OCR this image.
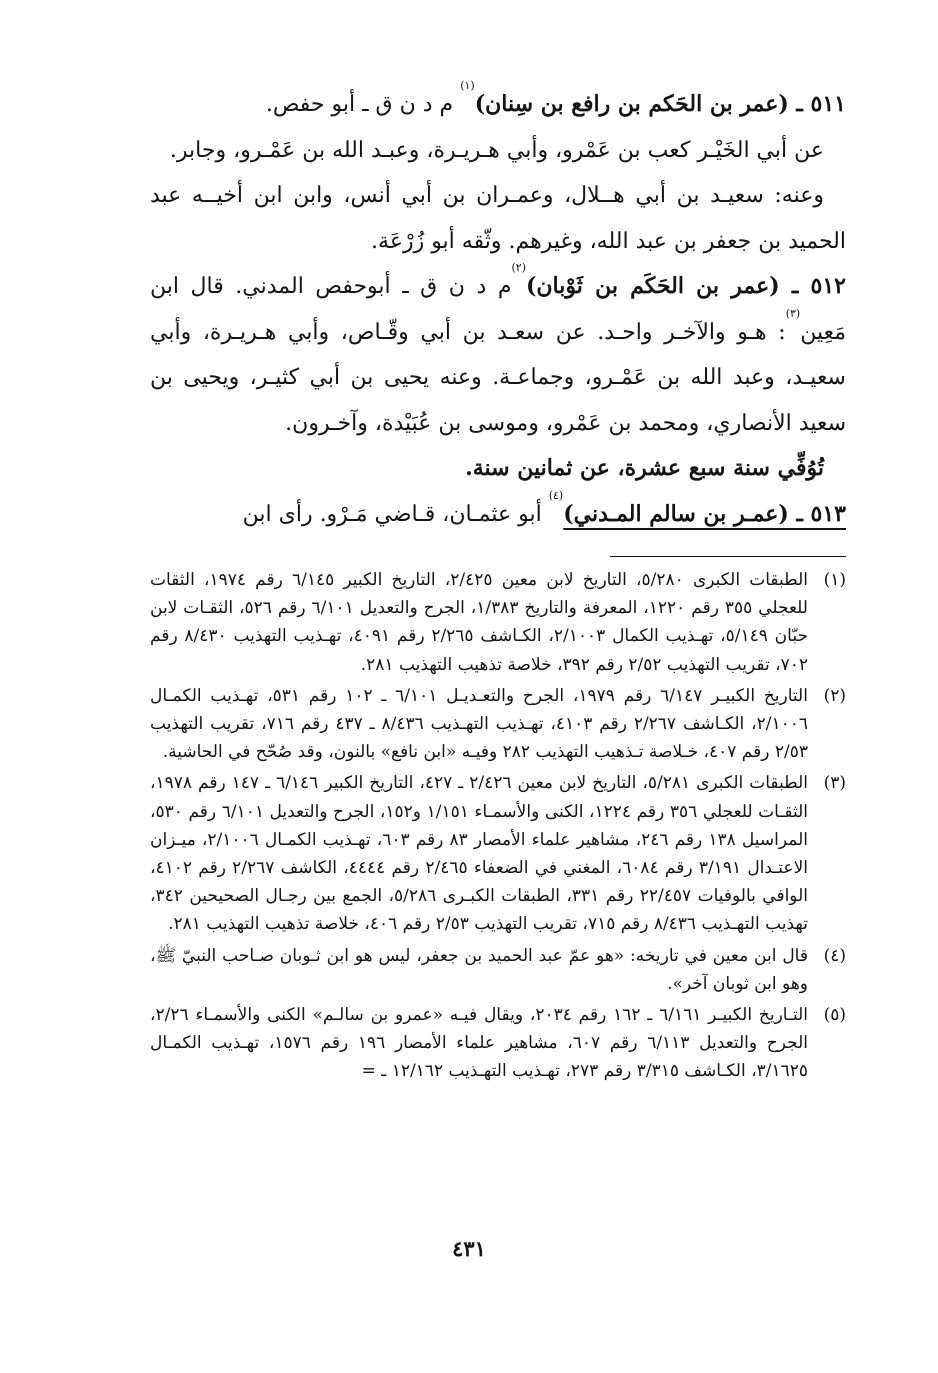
٥١١ ـ (عمر بن الحَكم بن رافع بن سِنان)$^{(١)}$ م د ن ق ـ أبو حفص.

عن أبي الخَيْـر كعب بن عَمْرو، وأبي هـريـرة، وعبـد الله بن عَمْـرو، وجابر.

وعنه: سعيـد بن أبي هــلال، وعمـران بن أبي أنس، وابن ابن أخيــه عبد الحميد بن جعفر بن عبد الله، وغيرهم. وثّقه أبو زُرْعَة.

٥١٢ ـ (عمر بن الحَكَم بن ثَوْبان)$^{(٢)}$م د ن ق ـ أبوحفص المدني. قال ابن مَعِين$^{(٣)}$: هـو والآخـر واحـد. عن سعـد بن أبي وقّـاص، وأبي هـريـرة، وأبي سعيـد، وعبد الله بن عَمْـرو، وجماعـة. وعنه يحيى بن أبي كثيـر، ويحيى بن سعيد الأنصاري، ومحمد بن عَمْرو، وموسى بن عُبَيْدة، وآخـرون.

تُوُفِّي سنة سبع عشرة، عن ثمانين سنة.

٥١٣ ـ (عمـر بن سالم المـدني)$^{(٤)}$ أبو عثمـان، قـاضي مَـرْو. رأى ابن

(١)
الطبقات الكبرى ٥/٢٨٠، التاريخ لابن معين ٢/٤٢٥، التاريخ الكبير ٦/١٤٥ رقم ١٩٧٤، الثقات للعجلي ٣٥٥ رقم ١٢٢٠، المعرفة والتاريخ ١/٣٨٣، الجرح والتعديل ٦/١٠١ رقم ٥٢٦، الثقـات لابن حبّان ٥/١٤٩، تهـذيب الكمال ٢/١٠٠٣، الكـاشف ٢/٢٦٥ رقم ٤٠٩١، تهـذيب التهذيب ٨/٤٣٠ رقم ٧٠٢، تقريب التهذيب ٢/٥٢ رقم ٣٩٢، خلاصة تذهيب التهذيب ٢٨١.
(٢)
التاريخ الكبيـر ٦/١٤٧ رقم ١٩٧٩، الجرح والتعـديـل ٦/١٠١ ـ ١٠٢ رقم ٥٣١، تهـذيب الكمـال ٢/١٠٠٦، الكـاشف ٢/٢٦٧ رقم ٤١٠٣، تهـذيب التهـذيب ٨/٤٣٦ ـ ٤٣٧ رقم ٧١٦، تقريب التهذيب ٢/٥٣ رقم ٤٠٧، خـلاصة تـذهيب التهذيب ٢٨٢ وفيـه «ابن نافع» بالنون، وقد صُحّح في الحاشية.
(٣)
الطبقات الكبرى ٥/٢٨١، التاريخ لابن معين ٢/٤٢٦ ـ ٤٢٧، التاريخ الكبير ٦/١٤٦ ـ ١٤٧ رقم ١٩٧٨، الثقـات للعجلي ٣٥٦ رقم ١٢٢٤، الكنى والأسمـاء ١/١٥١ و١٥٢، الجرح والتعديل ٦/١٠١ رقم ٥٣٠، المراسيل ١٣٨ رقم ٢٤٦، مشاهير علماء الأمصار ٨٣ رقم ٦٠٣، تهـذيب الكمـال ٢/١٠٠٦، ميـزان الاعتـدال ٣/١٩١ رقم ٦٠٨٤، المغني في الضعفاء ٢/٤٦٥ رقم ٤٤٤٤، الكاشف ٢/٢٦٧ رقم ٤١٠٢، الوافي بالوفيات ٢٢/٤٥٧ رقم ٣٣١، الطبقات الكبـرى ٥/٢٨٦، الجمع بين رجـال الصحيحين ٣٤٢، تهذيب التهـذيب ٨/٤٣٦ رقم ٧١٥، تقريب التهذيب ٢/٥٣ رقم ٤٠٦، خلاصة تذهيب التهذيب ٢٨١.
(٤)
قال ابن معين في تاريخه: «هو عمّ عبد الحميد بن جعفر، ليس هو ابن ثـوبان صـاحب النبيّ ﷺ، وهو ابن ثوبان آخر».
(٥)
التـاريخ الكبيـر ٦/١٦١ ـ ١٦٢ رقم ٢٠٣٤، ويقال فيـه «عمرو بن سالـم» الكنى والأسمـاء ٢/٢٦، الجرح والتعديل ٦/١١٣ رقم ٦٠٧، مشاهير علماء الأمصار ١٩٦ رقم ١٥٧٦، تهـذيب الكمـال ٣/١٦٢٥، الكـاشف ٣/٣١٥ رقم ٢٧٣، تهـذيب التهـذيب ١٢/١٦٢ ـ =
٤٣١
